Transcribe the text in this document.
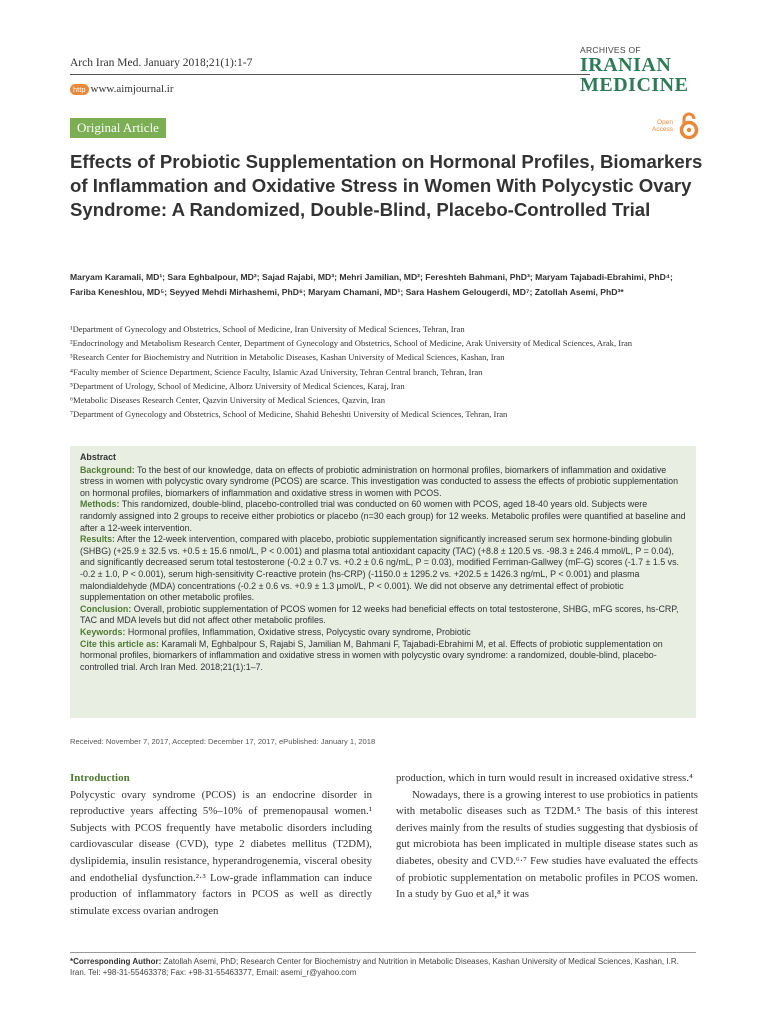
Arch Iran Med. January 2018;21(1):1-7
ARCHIVES OF
IRANIAN
MEDICINE
http www.aimjournal.ir
Original Article	Open
Access
Effects of Probiotic Supplementation on Hormonal Profiles, Biomarkers of Inflammation and Oxidative Stress in Women With Polycystic Ovary Syndrome: A Randomized, Double-Blind, Placebo-Controlled Trial
Maryam Karamali, MD¹; Sara Eghbalpour, MD²; Sajad Rajabi, MD³; Mehri Jamilian, MD²; Fereshteh Bahmani, PhD³; Maryam Tajabadi-Ebrahimi, PhD⁴; Fariba Keneshlou, MD⁵; Seyyed Mehdi Mirhashemi, PhD⁶; Maryam Chamani, MD¹; Sara Hashem Gelougerdi, MD⁷; Zatollah Asemi, PhD³*
¹Department of Gynecology and Obstetrics, School of Medicine, Iran University of Medical Sciences, Tehran, Iran
²Endocrinology and Metabolism Research Center, Department of Gynecology and Obstetrics, School of Medicine, Arak University of Medical Sciences, Arak, Iran
³Research Center for Biochemistry and Nutrition in Metabolic Diseases, Kashan University of Medical Sciences, Kashan, Iran
⁴Faculty member of Science Department, Science Faculty, Islamic Azad University, Tehran Central branch, Tehran, Iran
⁵Department of Urology, School of Medicine, Alborz University of Medical Sciences, Karaj, Iran
⁶Metabolic Diseases Research Center, Qazvin University of Medical Sciences, Qazvin, Iran
⁷Department of Gynecology and Obstetrics, School of Medicine, Shahid Beheshti University of Medical Sciences, Tehran, Iran
Abstract

Background: To the best of our knowledge, data on effects of probiotic administration on hormonal profiles, biomarkers of inflammation and oxidative stress in women with polycystic ovary syndrome (PCOS) are scarce. This investigation was conducted to assess the effects of probiotic supplementation on hormonal profiles, biomarkers of inflammation and oxidative stress in women with PCOS.

Methods: This randomized, double-blind, placebo-controlled trial was conducted on 60 women with PCOS, aged 18-40 years old. Subjects were randomly assigned into 2 groups to receive either probiotics or placebo (n=30 each group) for 12 weeks. Metabolic profiles were quantified at baseline and after a 12-week intervention.

Results: After the 12-week intervention, compared with placebo, probiotic supplementation significantly increased serum sex hormone-binding globulin (SHBG) (+25.9 ± 32.5 vs. +0.5 ± 15.6 nmol/L, P < 0.001) and plasma total antioxidant capacity (TAC) (+8.8 ± 120.5 vs. -98.3 ± 246.4 mmol/L, P = 0.04), and significantly decreased serum total testosterone (-0.2 ± 0.7 vs. +0.2 ± 0.6 ng/mL, P = 0.03), modified Ferriman-Gallwey (mF-G) scores (-1.7 ± 1.5 vs. -0.2 ± 1.0, P < 0.001), serum high-sensitivity C-reactive protein (hs-CRP) (-1150.0 ± 1295.2 vs. +202.5 ± 1426.3 ng/mL, P < 0.001) and plasma malondialdehyde (MDA) concentrations (-0.2 ± 0.6 vs. +0.9 ± 1.3 µmol/L, P < 0.001). We did not observe any detrimental effect of probiotic supplementation on other metabolic profiles.

Conclusion: Overall, probiotic supplementation of PCOS women for 12 weeks had beneficial effects on total testosterone, SHBG, mFG scores, hs-CRP, TAC and MDA levels but did not affect other metabolic profiles.

Keywords: Hormonal profiles, Inflammation, Oxidative stress, Polycystic ovary syndrome, Probiotic

Cite this article as: Karamali M, Eghbalpour S, Rajabi S, Jamilian M, Bahmani F, Tajabadi-Ebrahimi M, et al. Effects of probiotic supplementation on hormonal profiles, biomarkers of inflammation and oxidative stress in women with polycystic ovary syndrome: a randomized, double-blind, placebo-controlled trial. Arch Iran Med. 2018;21(1):1–7.

Received: November 7, 2017, Accepted: December 17, 2017, ePublished: January 1, 2018
Introduction

Polycystic ovary syndrome (PCOS) is an endocrine disorder in reproductive years affecting 5%–10% of premenopausal women.¹ Subjects with PCOS frequently have metabolic disorders including cardiovascular disease (CVD), type 2 diabetes mellitus (T2DM), dyslipidemia, insulin resistance, hyperandrogenemia, visceral obesity and endothelial dysfunction.²·³ Low-grade inflammation can induce production of inflammatory factors in PCOS as well as directly stimulate excess ovarian androgen

production, which in turn would result in increased oxidative stress.⁴

Nowadays, there is a growing interest to use probiotics in patients with metabolic diseases such as T2DM.⁵ The basis of this interest derives mainly from the results of studies suggesting that dysbiosis of gut microbiota has been implicated in multiple disease states such as diabetes, obesity and CVD.⁶·⁷ Few studies have evaluated the effects of probiotic supplementation on metabolic profiles in PCOS women. In a study by Guo et al,⁸ it was

*Corresponding Author: Zatollah Asemi, PhD; Research Center for Biochemistry and Nutrition in Metabolic Diseases, Kashan University of Medical Sciences, Kashan, I.R. Iran. Tel: +98-31-55463378; Fax: +98-31-55463377, Email: asemi_r@yahoo.com
